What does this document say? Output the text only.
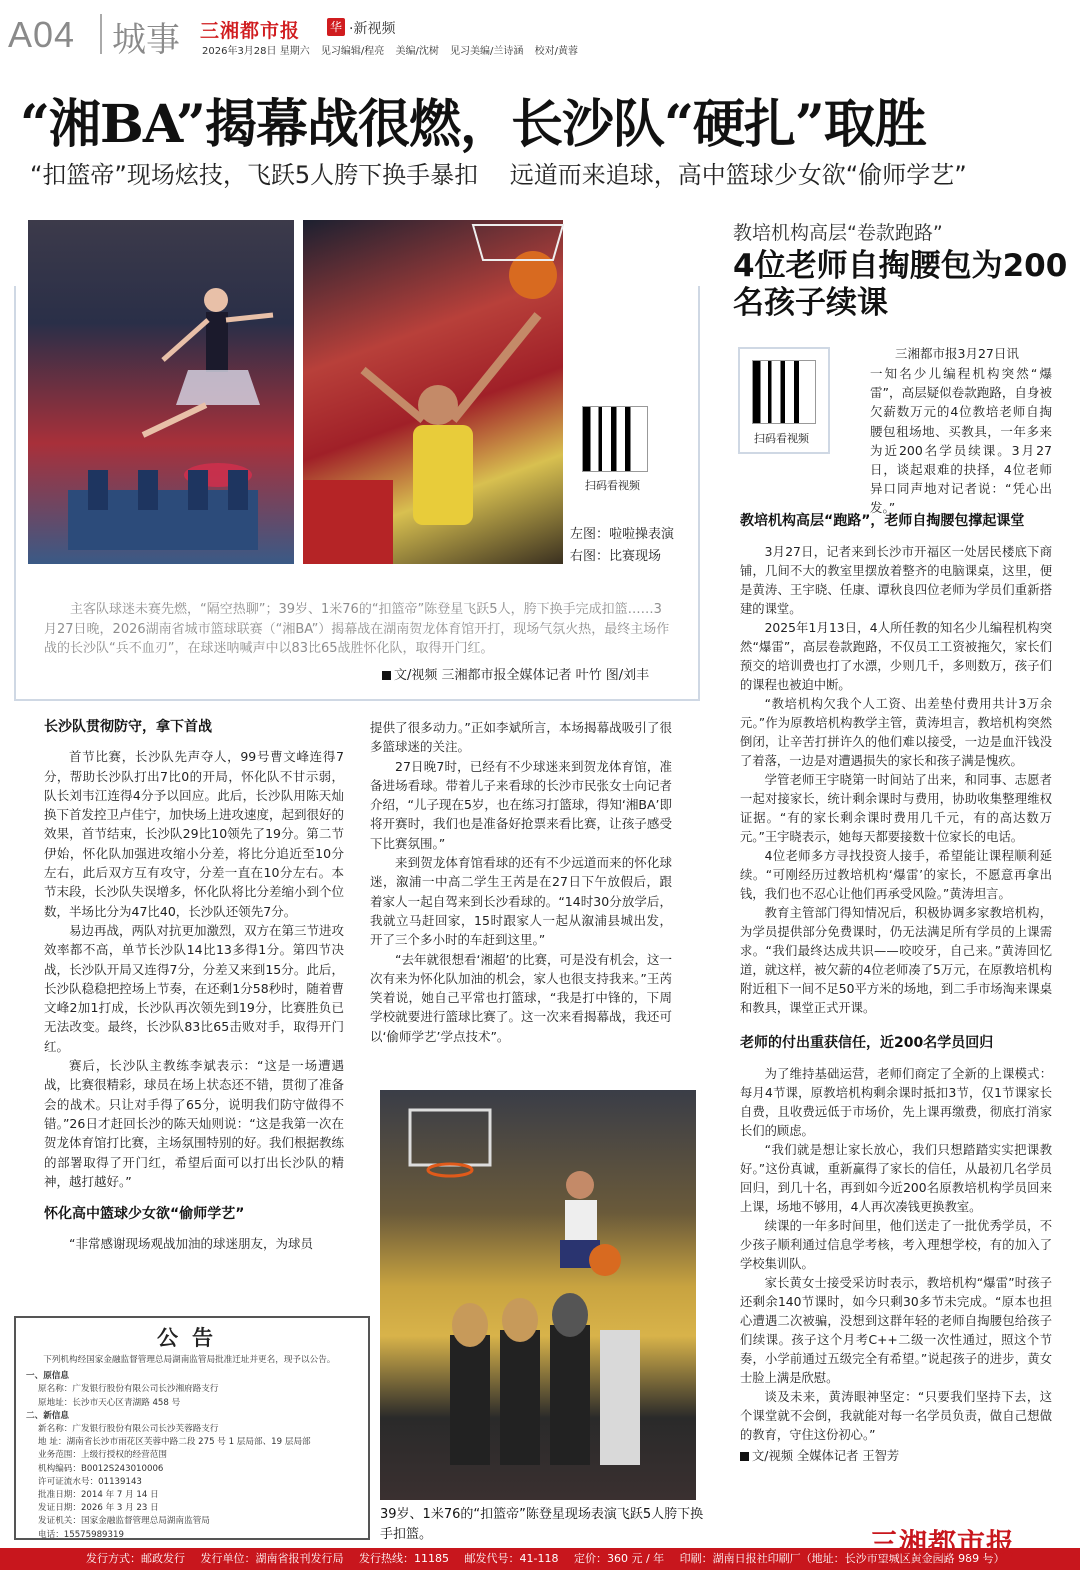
A04 城事 三湘都市报 华 ·新视频
2026年3月28日 星期六 见习编辑/程亮 美编/沈树 见习美编/兰诗涵 校对/黄蓉
“湘BA”揭幕战很燃，长沙队“硬扎”取胜
“扣篮帝”现场炫技，飞跃5人胯下换手暴扣 远道而来追球，高中篮球少女欲“偷师学艺”
扫码看视频
左图：啦啦操表演
右图：比赛现场
主客队球迷未赛先燃，“隔空热聊”；39岁、1米76的“扣篮帝”陈登星飞跃5人，胯下换手完成扣篮……3月27日晚，2026湖南省城市篮球联赛（“湘BA”）揭幕战在湖南贺龙体育馆开打，现场气氛火热，最终主场作战的长沙队“兵不血刃”，在球迷呐喊声中以83比65战胜怀化队，取得开门红。
文/视频 三湘都市报全媒体记者 叶竹 图/刘丰
长沙队贯彻防守，拿下首战

首节比赛，长沙队先声夺人，99号曹文峰连得7分，帮助长沙队打出7比0的开局，怀化队不甘示弱，队长刘韦江连得4分予以回应。此后，长沙队用陈天灿换下首发控卫卢佳宁，加快场上进攻速度，起到很好的效果，首节结束，长沙队29比10领先了19分。第二节伊始，怀化队加强进攻缩小分差，将比分追近至10分左右，此后双方互有攻守，分差一直在10分左右。本节末段，长沙队失误增多，怀化队将比分差缩小到个位数，半场比分为47比40，长沙队还领先7分。

易边再战，两队对抗更加激烈，双方在第三节进攻效率都不高，单节长沙队14比13多得1分。第四节决战，长沙队开局又连得7分，分差又来到15分。此后，长沙队稳稳把控场上节奏，在还剩1分58秒时，随着曹文峰2加1打成，长沙队再次领先到19分，比赛胜负已无法改变。最终，长沙队83比65击败对手，取得开门红。

赛后，长沙队主教练李斌表示：“这是一场遭遇战，比赛很精彩，球员在场上状态还不错，贯彻了准备会的战术。只让对手得了65分，说明我们防守做得不错。”26日才赶回长沙的陈天灿则说：“这是我第一次在贺龙体育馆打比赛，主场氛围特别的好。我们根据教练的部署取得了开门红，希望后面可以打出长沙队的精神，越打越好。”

怀化高中篮球少女欲“偷师学艺”

“非常感谢现场观战加油的球迷朋友，为球员

提供了很多动力。”正如李斌所言，本场揭幕战吸引了很多篮球迷的关注。

27日晚7时，已经有不少球迷来到贺龙体育馆，准备进场看球。带着儿子来看球的长沙市民张女士向记者介绍，“儿子现在5岁，也在练习打篮球，得知‘湘BA’即将开赛时，我们也是准备好抢票来看比赛，让孩子感受下比赛氛围。”

来到贺龙体育馆看球的还有不少远道而来的怀化球迷，溆浦一中高二学生王芮是在27日下午放假后，跟着家人一起自驾来到长沙看球的。“14时30分放学后，我就立马赶回家，15时跟家人一起从溆浦县城出发，开了三个多小时的车赶到这里。”

“去年就很想看‘湘超’的比赛，可是没有机会，这一次有来为怀化队加油的机会，家人也很支持我来。”王芮笑着说，她自己平常也打篮球，“我是打中锋的，下周学校就要进行篮球比赛了。这一次来看揭幕战，我还可以‘偷师学艺’学点技术”。

39岁、1米76的“扣篮帝”陈登星现场表演飞跃5人胯下换手扣篮。
公告
下列机构经国家金融监督管理总局湖南监管局批准迁址并更名，现予以公告。
一、原信息
原名称：广发银行股份有限公司长沙湘府路支行
原地址：长沙市天心区青湖路 458 号
二、新信息
新名称：广发银行股份有限公司长沙芙蓉路支行
地 址：湖南省长沙市雨花区芙蓉中路二段 275 号 1 层局部、19 层局部
业务范围：上级行授权的经营范围
机构编码：B0012S243010006
许可证流水号：01139143
批准日期：2014 年 7 月 14 日
发证日期：2026 年 3 月 23 日
发证机关：国家金融监督管理总局湖南监管局
电话：15575989319
教培机构高层“卷款跑路”
4位老师自掏腰包为200名孩子续课
扫码看视频
三湘都市报3月27日讯
一知名少儿编程机构突然“爆雷”，高层疑似卷款跑路，自身被欠薪数万元的4位教培老师自掏腰包租场地、买教具，一年多来为近200名学员续课。3月27日，谈起艰难的抉择，4位老师异口同声地对记者说：“凭心出发。”
教培机构高层“跑路”，老师自掏腰包撑起课堂

3月27日，记者来到长沙市开福区一处居民楼底下商铺，几间不大的教室里摆放着整齐的电脑课桌，这里，便是黄涛、王宇晓、任康、谭秋良四位老师为学员们重新搭建的课堂。

2025年1月13日，4人所任教的知名少儿编程机构突然“爆雷”，高层卷款跑路，不仅员工工资被拖欠，家长们预交的培训费也打了水漂，少则几千，多则数万，孩子们的课程也被迫中断。

“教培机构欠我个人工资、出差垫付费用共计3万余元。”作为原教培机构教学主管，黄涛坦言，教培机构突然倒闭，让辛苦打拼许久的他们难以接受，一边是血汗钱没了着落，一边是对遭遇损失的家长和孩子满是愧疚。

学管老师王宇晓第一时间站了出来，和同事、志愿者一起对接家长，统计剩余课时与费用，协助收集整理维权证据。“有的家长剩余课时费用几千元，有的高达数万元。”王宇晓表示，她每天都要接数十位家长的电话。

4位老师多方寻找投资人接手，希望能让课程顺利延续。“可刚经历过教培机构‘爆雷’的家长，不愿意再拿出钱，我们也不忍心让他们再承受风险。”黄涛坦言。

教育主管部门得知情况后，积极协调多家教培机构，为学员提供部分免费课时，仍无法满足所有学员的上课需求。“我们最终达成共识——咬咬牙，自己来。”黄涛回忆道，就这样，被欠薪的4位老师凑了5万元，在原教培机构附近租下一间不足50平方米的场地，到二手市场淘来课桌和教具，课堂正式开课。

老师的付出重获信任，近200名学员回归

为了维持基础运营，老师们商定了全新的上课模式：每月4节课，原教培机构剩余课时抵扣3节，仅1节课家长自费，且收费远低于市场价，先上课再缴费，彻底打消家长们的顾虑。

“我们就是想让家长放心，我们只想踏踏实实把课教好。”这份真诚，重新赢得了家长的信任，从最初几名学员回归，到几十名，再到如今近200名原教培机构学员回来上课，场地不够用，4人再次凑钱更换教室。

续课的一年多时间里，他们送走了一批优秀学员，不少孩子顺利通过信息学考核，考入理想学校，有的加入了学校集训队。

家长黄女士接受采访时表示，教培机构“爆雷”时孩子还剩余140节课时，如今只剩30多节未完成。“原本也担心遭遇二次被骗，没想到这群年轻的老师自掏腰包给孩子们续课。孩子这个月考C++二级一次性通过，照这个节奏，小学前通过五级完全有希望。”说起孩子的进步，黄女士脸上满是欣慰。

谈及未来，黄涛眼神坚定：“只要我们坚持下去，这个课堂就不会倒，我就能对每一名学员负责，做自己想做的教育，守住这份初心。”

文/视频 全媒体记者 王智芳
发行方式：邮政发行 发行单位：湖南省报刊发行局 发行热线：11185 邮发代号：41-118 定价：360 元 / 年 印刷：湖南日报社印刷厂（地址：长沙市望城区黄金园路 989 号）
三湘都市报
